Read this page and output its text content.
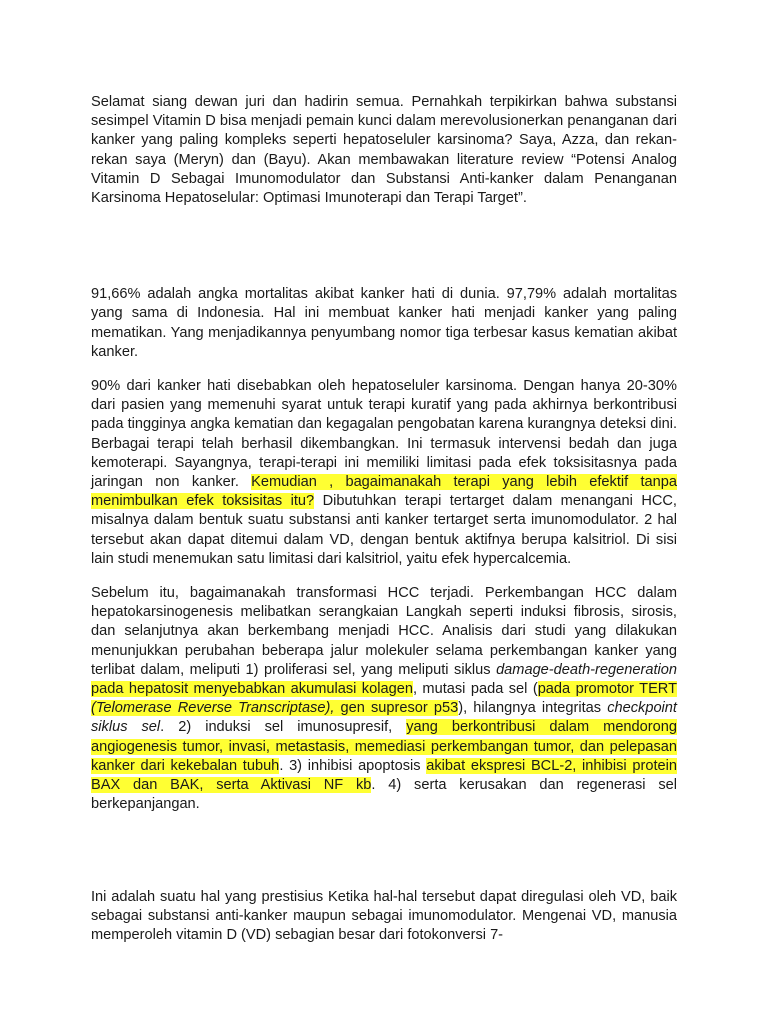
Selamat siang dewan juri dan hadirin semua. Pernahkah terpikirkan bahwa substansi sesimpel Vitamin D bisa menjadi pemain kunci dalam merevolusionerkan penanganan dari kanker yang paling kompleks seperti hepatoseluler karsinoma? Saya, Azza, dan rekan-rekan saya (Meryn) dan (Bayu). Akan membawakan literature review “Potensi Analog Vitamin D Sebagai Imunomodulator dan Substansi Anti-kanker dalam Penanganan Karsinoma Hepatoselular: Optimasi Imunoterapi dan Terapi Target”.

91,66% adalah angka mortalitas akibat kanker hati di dunia. 97,79% adalah mortalitas yang sama di Indonesia. Hal ini membuat kanker hati menjadi kanker yang paling mematikan. Yang menjadikannya penyumbang nomor tiga terbesar kasus kematian akibat kanker.

90% dari kanker hati disebabkan oleh hepatoseluler karsinoma. Dengan hanya 20-30% dari pasien yang memenuhi syarat untuk terapi kuratif yang pada akhirnya berkontribusi pada tingginya angka kematian dan kegagalan pengobatan karena kurangnya deteksi dini. Berbagai terapi telah berhasil dikembangkan. Ini termasuk intervensi bedah dan juga kemoterapi. Sayangnya, terapi-terapi ini memiliki limitasi pada efek toksisitasnya pada jaringan non kanker. Kemudian , bagaimanakah terapi yang lebih efektif tanpa menimbulkan efek toksisitas itu? Dibutuhkan terapi tertarget dalam menangani HCC, misalnya dalam bentuk suatu substansi anti kanker tertarget serta imunomodulator. 2 hal tersebut akan dapat ditemui dalam VD, dengan bentuk aktifnya berupa kalsitriol. Di sisi lain studi menemukan satu limitasi dari kalsitriol, yaitu efek hypercalcemia.

Sebelum itu, bagaimanakah transformasi HCC terjadi. Perkembangan HCC dalam hepatokarsinogenesis melibatkan serangkaian Langkah seperti induksi fibrosis, sirosis, dan selanjutnya akan berkembang menjadi HCC. Analisis dari studi yang dilakukan menunjukkan perubahan beberapa jalur molekuler selama perkembangan kanker yang terlibat dalam, meliputi 1) proliferasi sel, yang meliputi siklus damage-death-regeneration pada hepatosit menyebabkan akumulasi kolagen, mutasi pada sel (pada promotor TERT (Telomerase Reverse Transcriptase), gen supresor p53), hilangnya integritas checkpoint siklus sel. 2) induksi sel imunosupresif, yang berkontribusi dalam mendorong angiogenesis tumor, invasi, metastasis, memediasi perkembangan tumor, dan pelepasan kanker dari kekebalan tubuh. 3) inhibisi apoptosis akibat ekspresi BCL-2, inhibisi protein BAX dan BAK, serta Aktivasi NF kb. 4) serta kerusakan dan regenerasi sel berkepanjangan.

Ini adalah suatu hal yang prestisius Ketika hal-hal tersebut dapat diregulasi oleh VD, baik sebagai substansi anti-kanker maupun sebagai imunomodulator. Mengenai VD, manusia memperoleh vitamin D (VD) sebagian besar dari fotokonversi 7-
